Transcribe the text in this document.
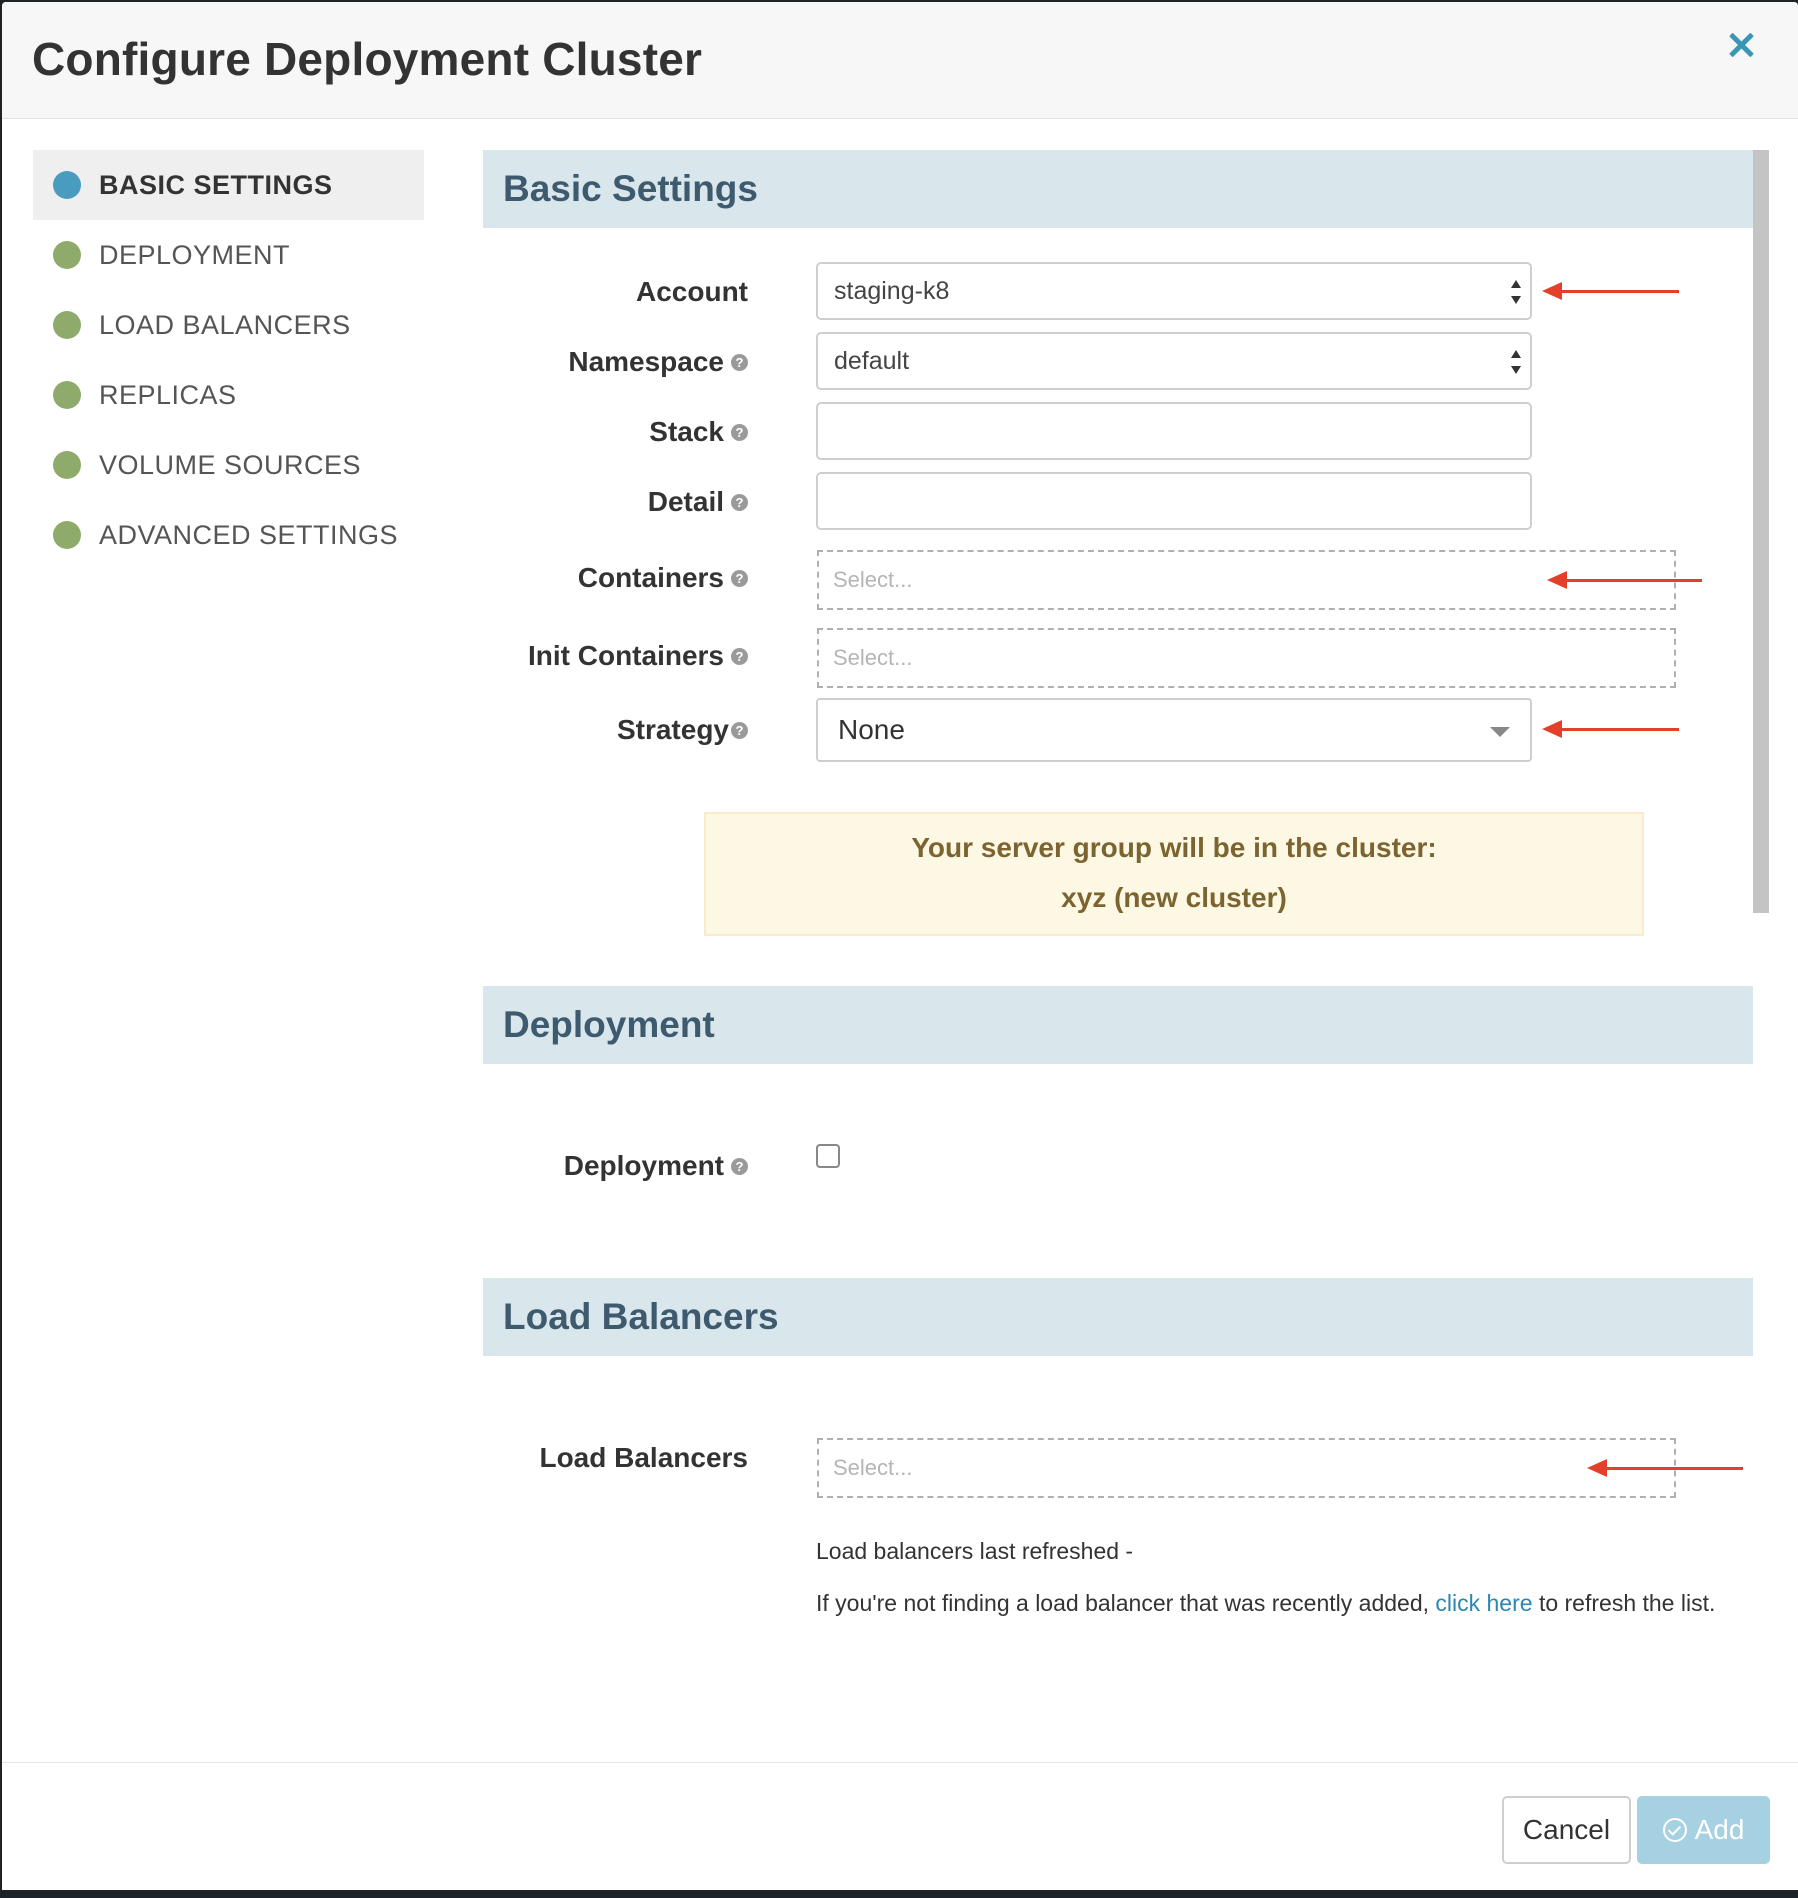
Configure Deployment Cluster
BASIC SETTINGS
DEPLOYMENT
LOAD BALANCERS
REPLICAS
VOLUME SOURCES
ADVANCED SETTINGS
Basic Settings
Account	staging-k8
Namespace ?	default
Stack ?
Detail ?
Containers ?	Select...
Init Containers ?	Select...
Strategy ?	None
Your server group will be in the cluster:
xyz (new cluster)
Deployment
Deployment ?
Load Balancers
Load Balancers	Select...
Load balancers last refreshed -
If you're not finding a load balancer that was recently added, click here to refresh the list.
Cancel	Add
